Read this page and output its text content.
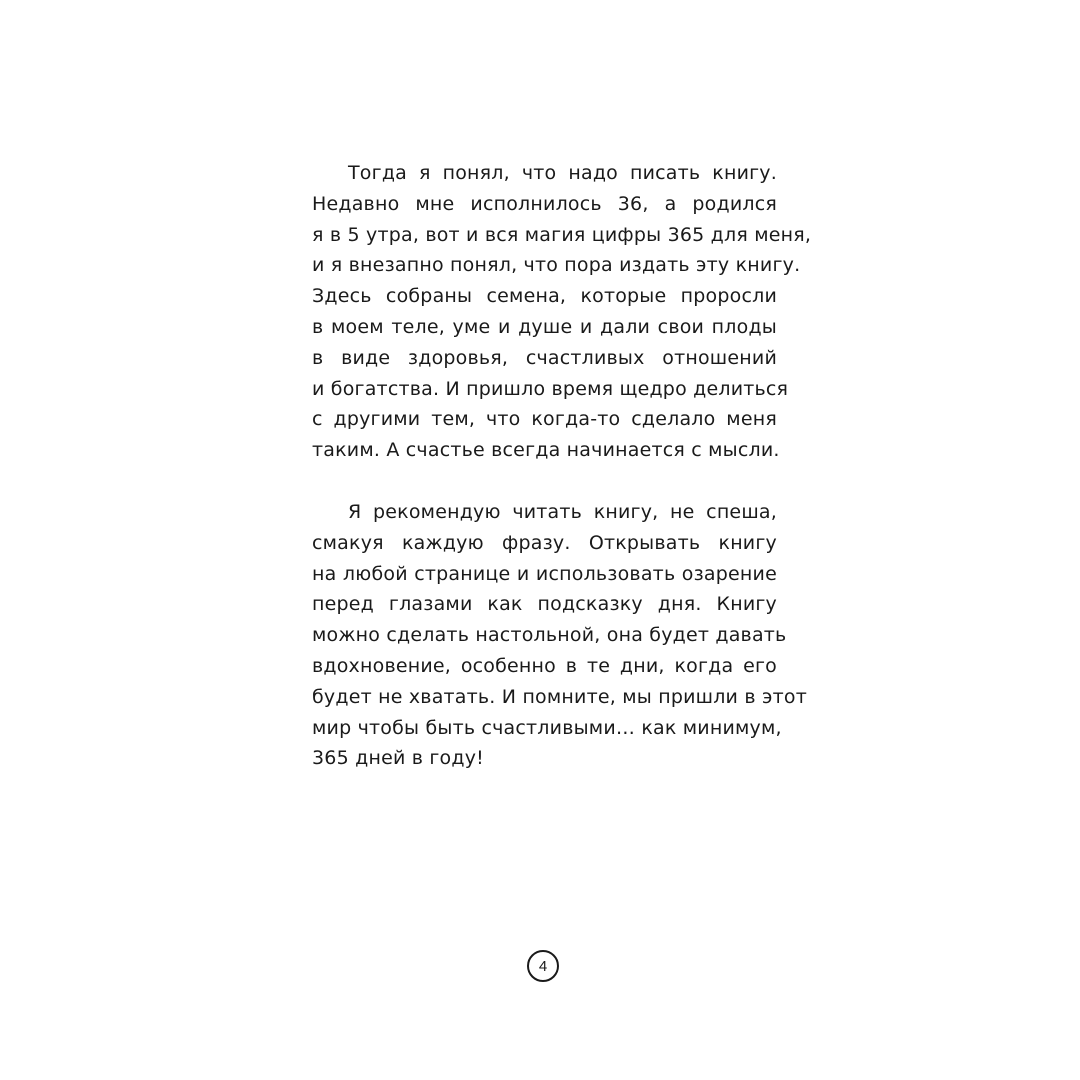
Тогда я понял, что надо писать книгу.
Недавно мне исполнилось 36, а родился
я в 5 утра, вот и вся магия цифры 365 для меня,
и я внезапно понял, что пора издать эту книгу.
Здесь собраны семена, которые проросли
в моем теле, уме и душе и дали свои плоды
в виде здоровья, счастливых отношений
и богатства. И пришло время щедро делиться
с другими тем, что когда-то сделало меня
таким. А счастье всегда начинается с мысли.
Я рекомендую читать книгу, не спеша,
смакуя каждую фразу. Открывать книгу
на любой странице и использовать озарение
перед глазами как подсказку дня. Книгу
можно сделать настольной, она будет давать
вдохновение, особенно в те дни, когда его
будет не хватать. И помните, мы пришли в этот
мир чтобы быть счастливыми… как минимум,
365 дней в году!
4
